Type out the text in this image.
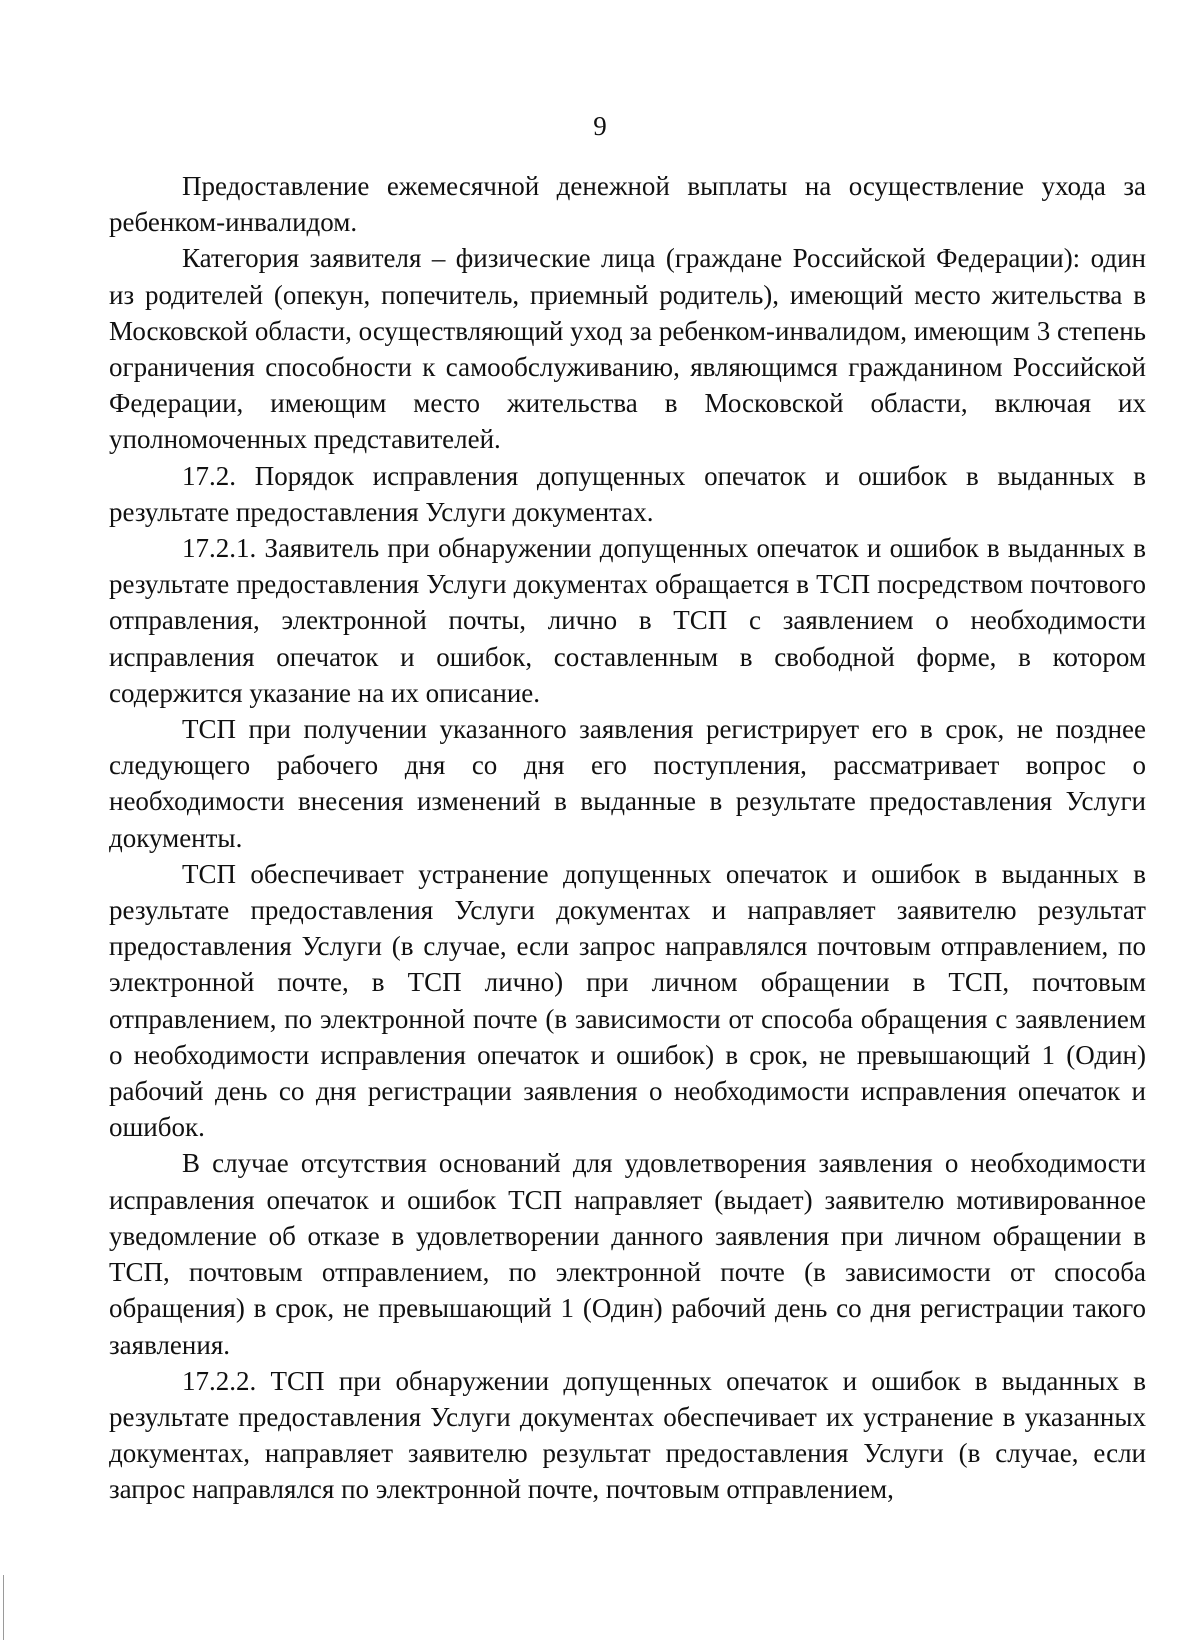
9

Предоставление ежемесячной денежной выплаты на осуществление ухода за ребенком-инвалидом.

Категория заявителя – физические лица (граждане Российской Федерации): один из родителей (опекун, попечитель, приемный родитель), имеющий место жительства в Московской области, осуществляющий уход за ребенком-инвалидом, имеющим 3 степень ограничения способности к самообслуживанию, являющимся гражданином Российской Федерации, имеющим место жительства в Московской области, включая их уполномоченных представителей.

17.2. Порядок исправления допущенных опечаток и ошибок в выданных в результате предоставления Услуги документах.

17.2.1. Заявитель при обнаружении допущенных опечаток и ошибок в выданных в результате предоставления Услуги документах обращается в ТСП посредством почтового отправления, электронной почты, лично в ТСП с заявлением о необходимости исправления опечаток и ошибок, составленным в свободной форме, в котором содержится указание на их описание.

ТСП при получении указанного заявления регистрирует его в срок, не позднее следующего рабочего дня со дня его поступления, рассматривает вопрос о необходимости внесения изменений в выданные в результате предоставления Услуги документы.

ТСП обеспечивает устранение допущенных опечаток и ошибок в выданных в результате предоставления Услуги документах и направляет заявителю результат предоставления Услуги (в случае, если запрос направлялся почтовым отправлением, по электронной почте, в ТСП лично) при личном обращении в ТСП, почтовым отправлением, по электронной почте (в зависимости от способа обращения с заявлением о необходимости исправления опечаток и ошибок) в срок, не превышающий 1 (Один) рабочий день со дня регистрации заявления о необходимости исправления опечаток и ошибок.

В случае отсутствия оснований для удовлетворения заявления о необходимости исправления опечаток и ошибок ТСП направляет (выдает) заявителю мотивированное уведомление об отказе в удовлетворении данного заявления при личном обращении в ТСП, почтовым отправлением, по электронной почте (в зависимости от способа обращения) в срок, не превышающий 1 (Один) рабочий день со дня регистрации такого заявления.

17.2.2. ТСП при обнаружении допущенных опечаток и ошибок в выданных в результате предоставления Услуги документах обеспечивает их устранение в указанных документах, направляет заявителю результат предоставления Услуги (в случае, если запрос направлялся по электронной почте, почтовым отправлением,
